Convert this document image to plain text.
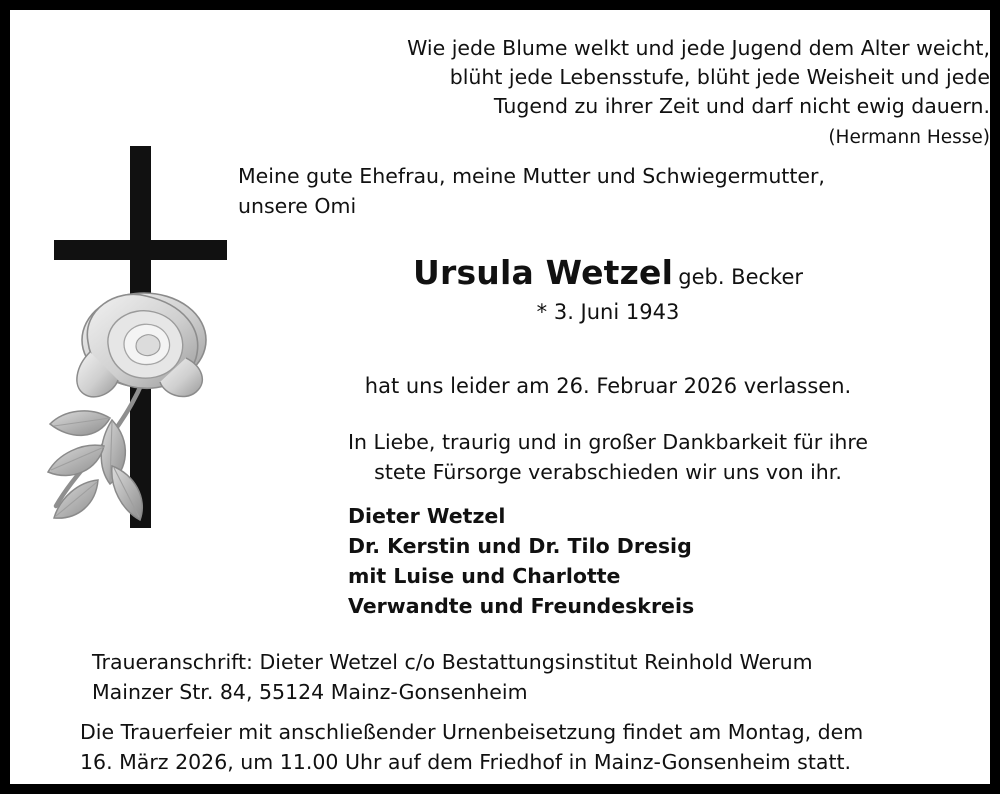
Wie jede Blume welkt und jede Jugend dem Alter weicht,
blüht jede Lebensstufe, blüht jede Weisheit und jede
Tugend zu ihrer Zeit und darf nicht ewig dauern.
(Hermann Hesse)
Meine gute Ehefrau, meine Mutter und Schwiegermutter,
unsere Omi
Ursula Wetzel geb. Becker
* 3. Juni 1943
hat uns leider am 26. Februar 2026 verlassen.
In Liebe, traurig und in großer Dankbarkeit für ihre
stete Fürsorge verabschieden wir uns von ihr.
Dieter Wetzel
Dr. Kerstin und Dr. Tilo Dresig
mit Luise und Charlotte
Verwandte und Freundeskreis
Traueranschrift: Dieter Wetzel c/o Bestattungsinstitut Reinhold Werum
Mainzer Str. 84, 55124 Mainz-Gonsenheim
Die Trauerfeier mit anschließender Urnenbeisetzung findet am Montag, dem
16. März 2026, um 11.00 Uhr auf dem Friedhof in Mainz-Gonsenheim statt.
